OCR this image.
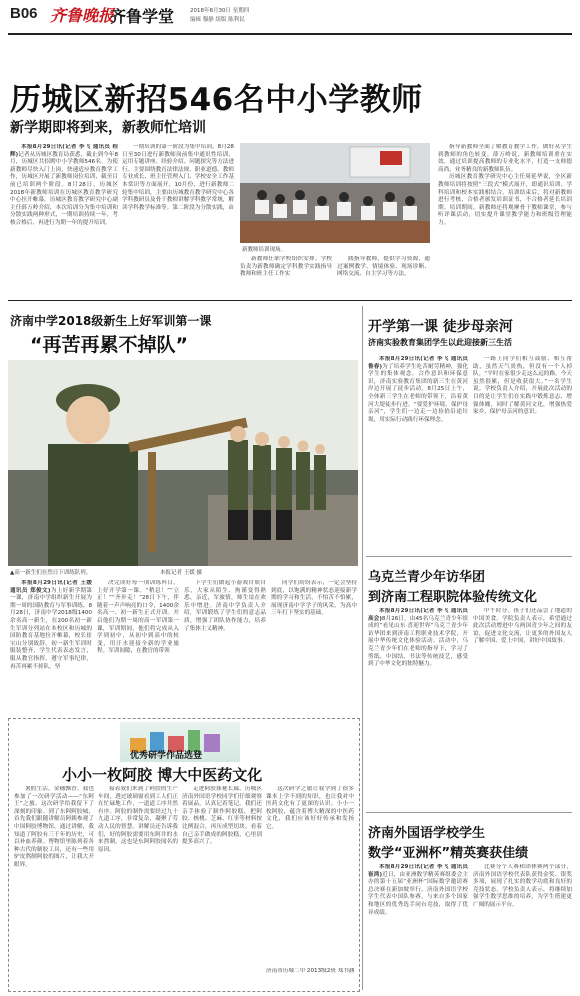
B06 齐鲁晚报
齐鲁学堂	2018年8月30日 星期四
编辑 穆静 组版 陈利民
历城区新招546名中小学教师
新学期即将到来，新教师忙培训

本报8月29日讯(记者 李飞 通讯员 程辉)记者从历城区教育局获悉，截止到今年8月，历城区共招聘中小学教师546名。为使新教师尽快入门上岗，快速适应教育教学工作，历城区开展了新教师岗位培训，截至目前已培训两个阶段。8月28日，历城区2018年新教师培训在历城区教育教学研究中心拉开帷幕。历城区教育教学研究中心副主任薛万岭介绍，本次培训分为集中培训和分散实践两种形式，一期培训持续一年，考核合格后，再进行为期一年的提升培训。

一期培训的第一阶段为集中培训，8月28日至30日进行新教师岗前集中通识性培训，运用专题讲座、经验介绍、问题探究等方法进行。主要围绕教育法律法规、职业道德、教师专业成长、班主任管理入门、学校安全工作基本常识等方面展开。10月份，进行新教师二轮集中培训，主要由历城教育教学研究中心各学科教研员及骨干教师讲解学科教学常规，解读学科教学标准等。第二阶段为分散实践，由

新教师培训现场。

新教师任职学校组织安排。学校负责为新教师确定学科教学实践指导教师和班主任工作实

践指导教师，提供学习资源，通过案例教学、情境体验、现场诊断、网络交流、自主学习等方法，

指导新教师全面了解教育教学工作，做好从学生到教师的角色转变。薛万岭说，新教师培训重在实效，通过培训提高教师的专业化水平，打造一支师德高尚、业务精良的新教师队伍。

历城区教育教学研究中心主任周延华说，全区新教师培训将按照“三段式”模式展开，即通识培训、学科培训和校本实践相结合。培训结束后，将对新教师进行考核，合格者颁发培训证书，不合格者延长培训期。培训期间，新教师还将观摩骨干教师课堂，参与听评课活动，切实提升课堂教学能力和班级管理能力。

济南中学2018级新生上好军训第一课
“再苦再累不掉队”
▲高一新生们在烈日下训练队列。	本报记者 王媛 摄

本报8月29日讯(记者 王媛 通讯员 郑俊文)为上好新学期第一课，济南中学组织新生开展为期一周的国防教育与军事训练。8月28日，济南中学2018级1400余名高一新生，在200名初一新生军训分列站在本校区和历城的国防教育基地拉开帷幕，校长崔宝山分别致辞。初一新生军训时服装整齐，学生代表表态发言，服从教官指挥，遵守军事纪律，再苦再累不掉队，坚

决完成好每一项训练科目，上好开学第一课。“稍息！”“立正！”“齐步走！”28日下午，伴随着一声声响亮的口令，1400余名高一、初一新生正式开训。开启他们为期一周的高一军训第一课，军训期间，他们将完成从入学到初中，从初中到高中的转变，用汗水迎接全新的学业旅程。军训间隙，在教官的带领

下学生们做起小游戏自娱自乐，大家从陌生、拘谨变得熟悉、亲近，军旅情，师生谊在欢乐中增进。济南中学负责人介绍，军训锻炼了学生们的意志品质，增强了团队协作能力，培养了集体主义精神。

同学们纷纷表示，一定会坚持到底，以饱满的精神状态迎接新学期的学习和生活，不怕苦不怕累，展现济南中学学子的风采，为高中三年打下坚实的基础。

优秀研学作品选登
小小一枚阿胶 博大中医药文化

暑假生活，金穗飘香。我也参加了一次研学活动——“东阿王”之旅。这次研学给我留下了深刻的印象。到了东阿阿胶城，首先我们跟随讲解员阿姨参观了中国阿胶博物馆，通过讲解，我知道了阿胶有三千年的历史，可以补血养颜。博物馆里陈列着各种古代的制胶工具，还有一些用驴皮熬制阿胶的图片，让我大开眼界。

接着我们来到了阿胶的生产车间，透过玻璃窗看到工人们正在忙碌地工作，一道道工序井然有序。阿胶的制作需要经过九十九道工序，非常复杂，凝聚了劳动人民的智慧。讲解员还告诉我们，好的阿胶需要用东阿井的水来熬制，这也是东阿阿胶闻名的原因。

走进阿胶探秘长廊，历城区济南外国语学校同学们仔细观察着展品，认真记着笔记。我们还亲手体验了制作阿胶糕，把阿胶、核桃、芝麻、红枣等材料按比例混合，再压成型切块。看着自己亲手做成的阿胶糕，心里别提多高兴了。

这次研学之旅让我学到了很多课本上学不到的知识，也让我对中医药文化有了更深的认识。小小一枚阿胶，蕴含着博大精深的中医药文化，我们应该好好传承和发扬它。

济南市历城二中 2013级2班 郑书涵
开学第一课 徒步母亲河
济南实验教育集团学生以此迎接新三生活

本报8月29日讯(记者 李飞 通讯员 鲁春)为了培养学生吃苦耐劳精神，强化学生的集体观念，合作意识和环保意识，济南实验教育集团的新三生在黄河岸边开展了徒步活动。8月25日上午，全体新三学生在老师的带领下，沿着黄河大堤徒步行进。“要爱护环境、保护母亲河”，学生们一边走一边捡拾沿途垃圾，用实际行动践行环保理念。

一路上同学们相互鼓励、相互帮助，虽然天气炎热，但没有一个人掉队。“平时在家很少走这么远的路，今天虽然很累，但是收获很大。”一名学生说。学校负责人介绍，开展此次活动的目的是让学生们在实践中锻炼意志、增强体魄，同时了解黄河文化，增强热爱家乡、保护母亲河的意识。

乌克兰青少年访华团
到济南工程职院体验传统文化

本报8月29日讯(记者 李飞 通讯员 高会)8月26日，由45名乌克兰青少年组成的“看见山东·喜迎世界”乌克兰青少年访华团来到济南工程职业技术学院，开展中华传统文化体验活动。活动中，乌克兰青少年们在老师的指导下，学习了剪纸、中国结、书法等传统技艺，感受到了中华文化的独特魅力。

中午时分，孩子们还品尝了地道的中国美食。学院负责人表示，希望通过此次活动增进中乌两国青少年之间的友谊，促进文化交流，让更多的外国友人了解中国、爱上中国，讲好中国故事。

济南外国语学校学生
数学“亚洲杯”精英赛获佳绩

本报8月29日讯(记者 李飞 通讯员 崔鸿)近日，由亚洲数学精英赛组委会主办的第十五届“亚洲杯”国际数学邀请赛总决赛在新加坡举行。济南外国语学校学生代表中国队参赛，与来自多个国家和地区的优秀选手同台竞技，取得了优异成绩。

比赛分个人赛和团体赛两个部分，济南外国语学校代表队获得金奖、银奖多项，展现了扎实的数学功底和良好的竞技状态。学校负责人表示，将继续加强学生数学思维的培养，为学生搭建更广阔的展示平台。
